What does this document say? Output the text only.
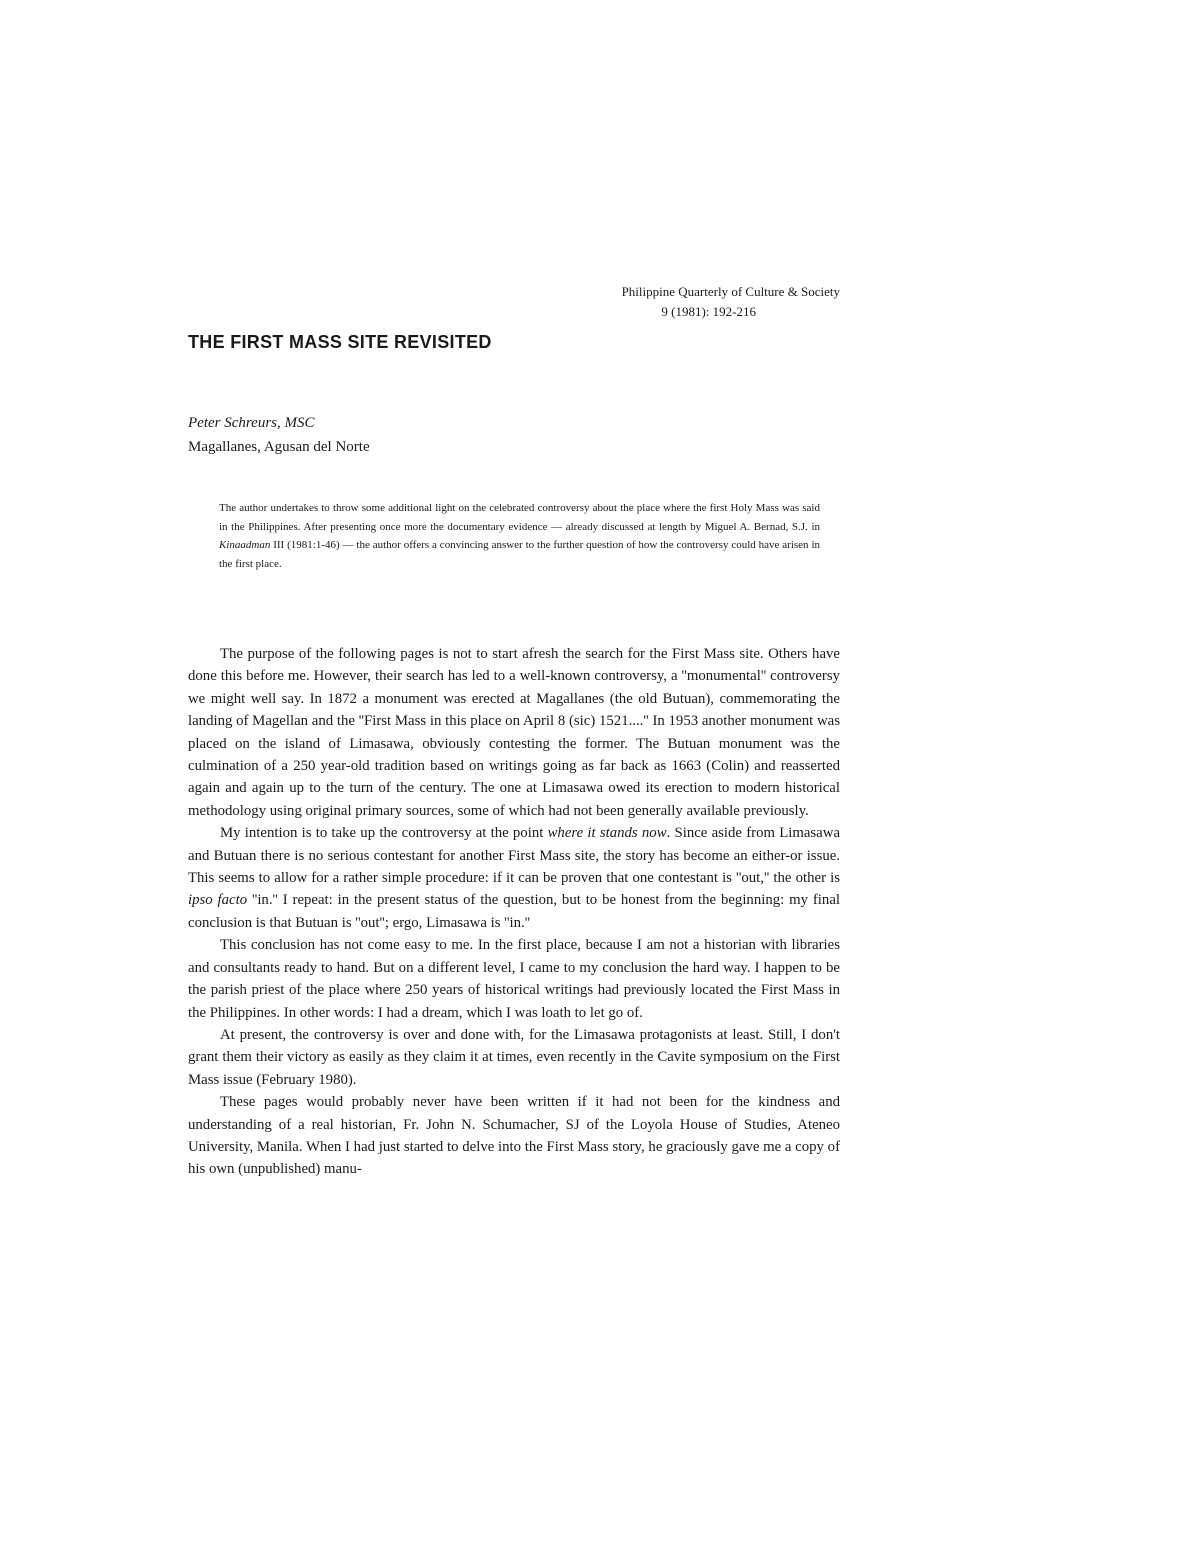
Philippine Quarterly of Culture & Society
9 (1981): 192-216
THE FIRST MASS SITE REVISITED
Peter Schreurs, MSC
Magallanes, Agusan del Norte

The author undertakes to throw some additional light on the celebrated controversy about the place where the first Holy Mass was said in the Philippines. After presenting once more the documentary evidence — already discussed at length by Miguel A. Bernad, S.J. in Kinaadman III (1981:1-46) — the author offers a convincing answer to the further question of how the controversy could have arisen in the first place.

The purpose of the following pages is not to start afresh the search for the First Mass site. Others have done this before me. However, their search has led to a well-known controversy, a ''monumental'' controversy we might well say. In 1872 a monument was erected at Magallanes (the old Butuan), commemorating the landing of Magellan and the ''First Mass in this place on April 8 (sic) 1521....'' In 1953 another monument was placed on the island of Limasawa, obviously contesting the former. The Butuan monument was the culmination of a 250 year-old tradition based on writings going as far back as 1663 (Colin) and reasserted again and again up to the turn of the century. The one at Limasawa owed its erection to modern historical methodology using original primary sources, some of which had not been generally available previously.

My intention is to take up the controversy at the point where it stands now. Since aside from Limasawa and Butuan there is no serious contestant for another First Mass site, the story has become an either-or issue. This seems to allow for a rather simple procedure: if it can be proven that one contestant is ''out,'' the other is ipso facto ''in.'' I repeat: in the present status of the question, but to be honest from the beginning: my final conclusion is that Butuan is ''out''; ergo, Limasawa is ''in.''

This conclusion has not come easy to me. In the first place, because I am not a historian with libraries and consultants ready to hand. But on a different level, I came to my conclusion the hard way. I happen to be the parish priest of the place where 250 years of historical writings had previously located the First Mass in the Philippines. In other words: I had a dream, which I was loath to let go of.

At present, the controversy is over and done with, for the Limasawa protagonists at least. Still, I don't grant them their victory as easily as they claim it at times, even recently in the Cavite symposium on the First Mass issue (February 1980).

These pages would probably never have been written if it had not been for the kindness and understanding of a real historian, Fr. John N. Schumacher, SJ of the Loyola House of Studies, Ateneo University, Manila. When I had just started to delve into the First Mass story, he graciously gave me a copy of his own (unpublished) manu-
